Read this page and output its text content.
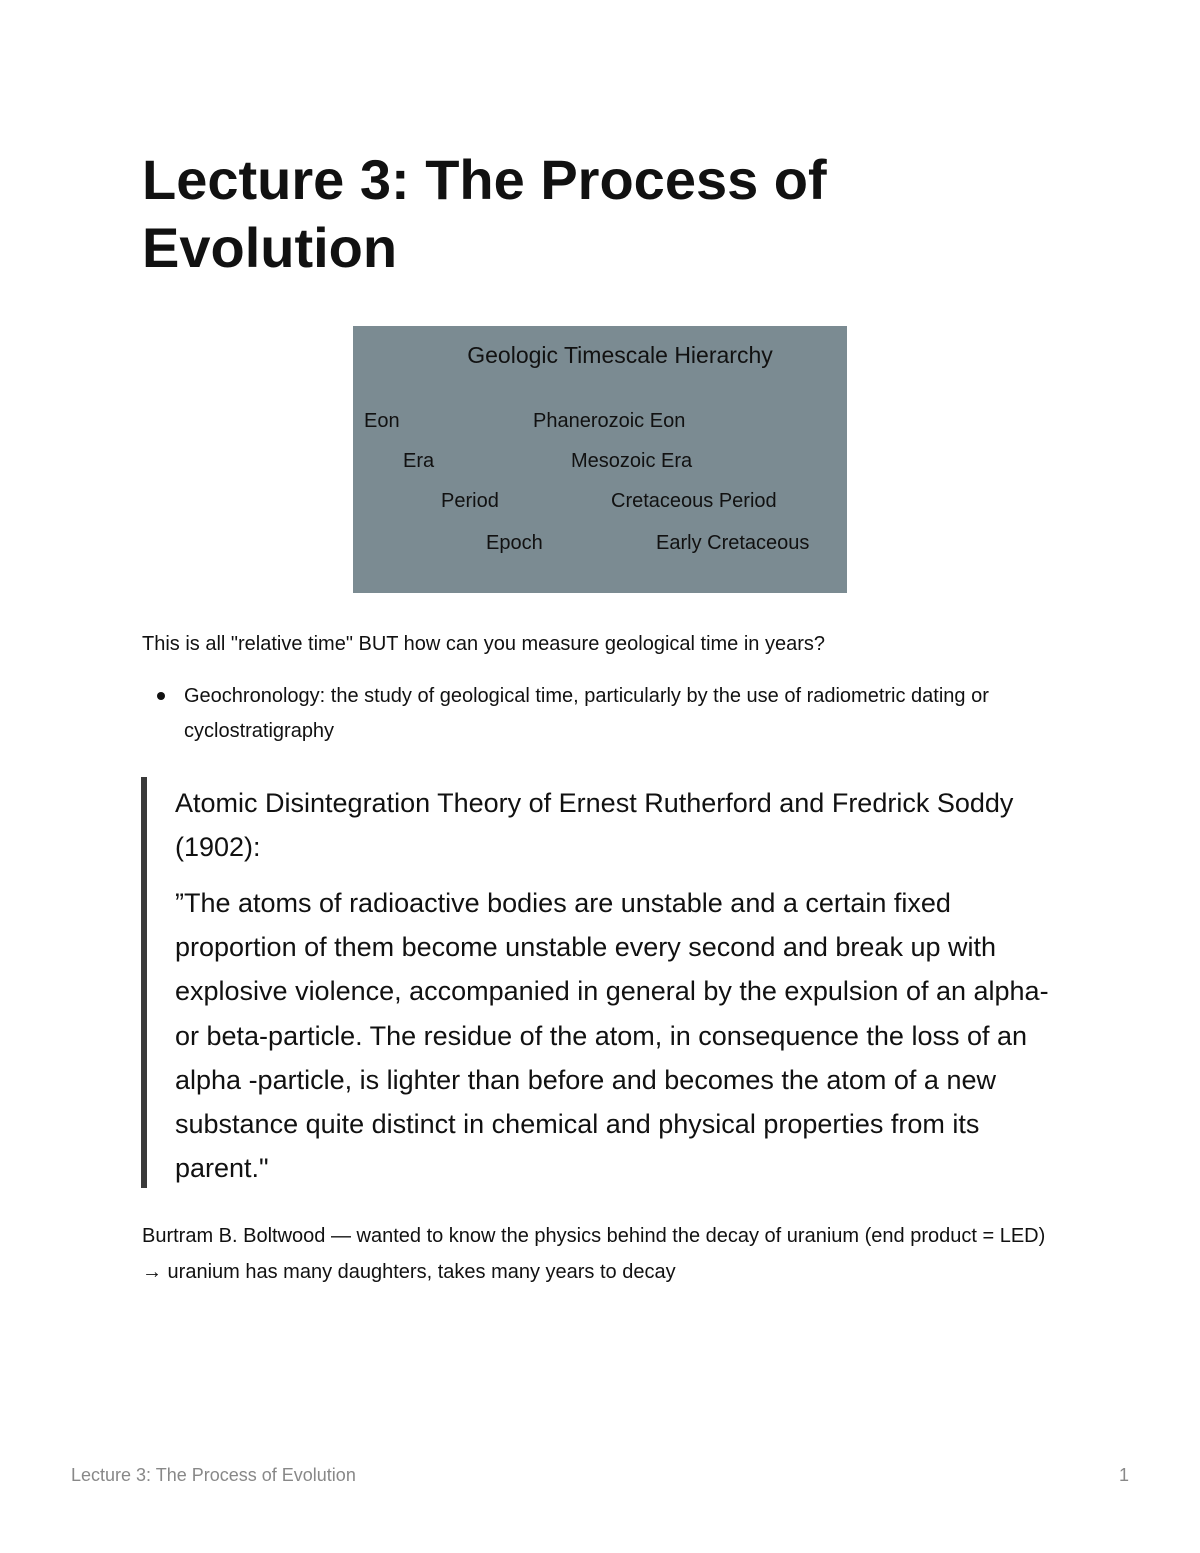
Lecture 3: The Process of Evolution
Geologic Timescale Hierarchy
Eon	Phanerozoic Eon
Era	Mesozoic Era
Period	Cretaceous Period
Epoch	Early Cretaceous

This is all "relative time" BUT how can you measure geological time in years?

Geochronology: the study of geological time, particularly by the use of radiometric dating or cyclostratigraphy

Atomic Disintegration Theory of Ernest Rutherford and Fredrick Soddy (1902):

”The atoms of radioactive bodies are unstable and a certain fixed proportion of them become unstable every second and break up with explosive violence, accompanied in general by the expulsion of an alpha- or beta-particle. The residue of the atom, in consequence the loss of an alpha -particle, is lighter than before and becomes the atom of a new substance quite distinct in chemical and physical properties from its parent."

Burtram B. Boltwood — wanted to know the physics behind the decay of uranium (end product = LED) → uranium has many daughters, takes many years to decay

Lecture 3: The Process of Evolution	1
